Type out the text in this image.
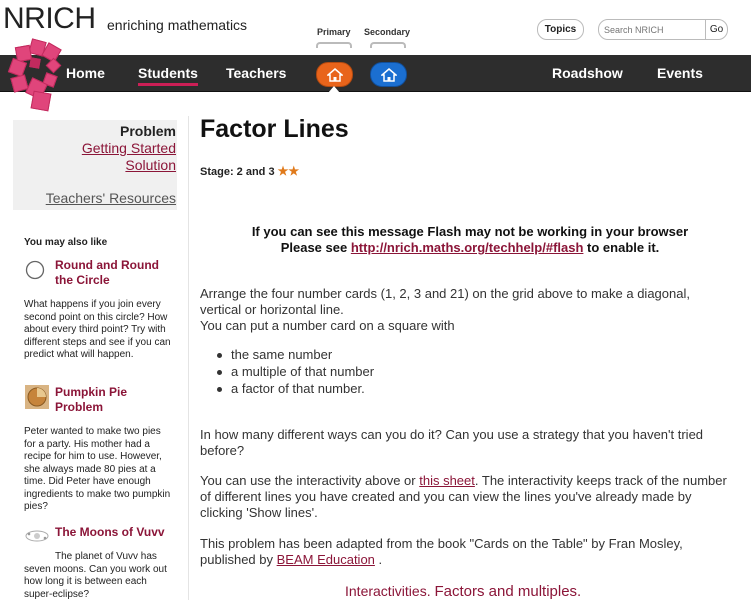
NRICH enriching mathematics	Topics
Search NRICH	Go
Primary Secondary
Home Students Teachers	Roadshow Events
Problem
Getting Started
Solution
Teachers' Resources
You may also like
Round and Round the Circle
What happens if you join every second point on this circle? How about every third point? Try with different steps and see if you can predict what will happen.
Pumpkin Pie Problem
Peter wanted to make two pies for a party. His mother had a recipe for him to use. However, she always made 80 pies at a time. Did Peter have enough ingredients to make two pumpkin pies?
The Moons of Vuvv
The planet of Vuvv has seven moons. Can you work out how long it is between each super-eclipse?
Factor Lines
Stage: 2 and 3 ★★
If you can see this message Flash may not be working in your browser
Please see http://nrich.maths.org/techhelp/#flash to enable it.
Arrange the four number cards (1, 2, 3 and 21) on the grid above to make a diagonal, vertical or horizontal line.
You can put a number card on a square with
the same number
a multiple of that number
a factor of that number.
In how many different ways can you do it? Can you use a strategy that you haven't tried before?
You can use the interactivity above or this sheet. The interactivity keeps track of the number of different lines you have created and you can view the lines you've already made by clicking 'Show lines'.
This problem has been adapted from the book "Cards on the Table" by Fran Mosley, published by BEAM Education .
Interactivities. Factors and multiples.
